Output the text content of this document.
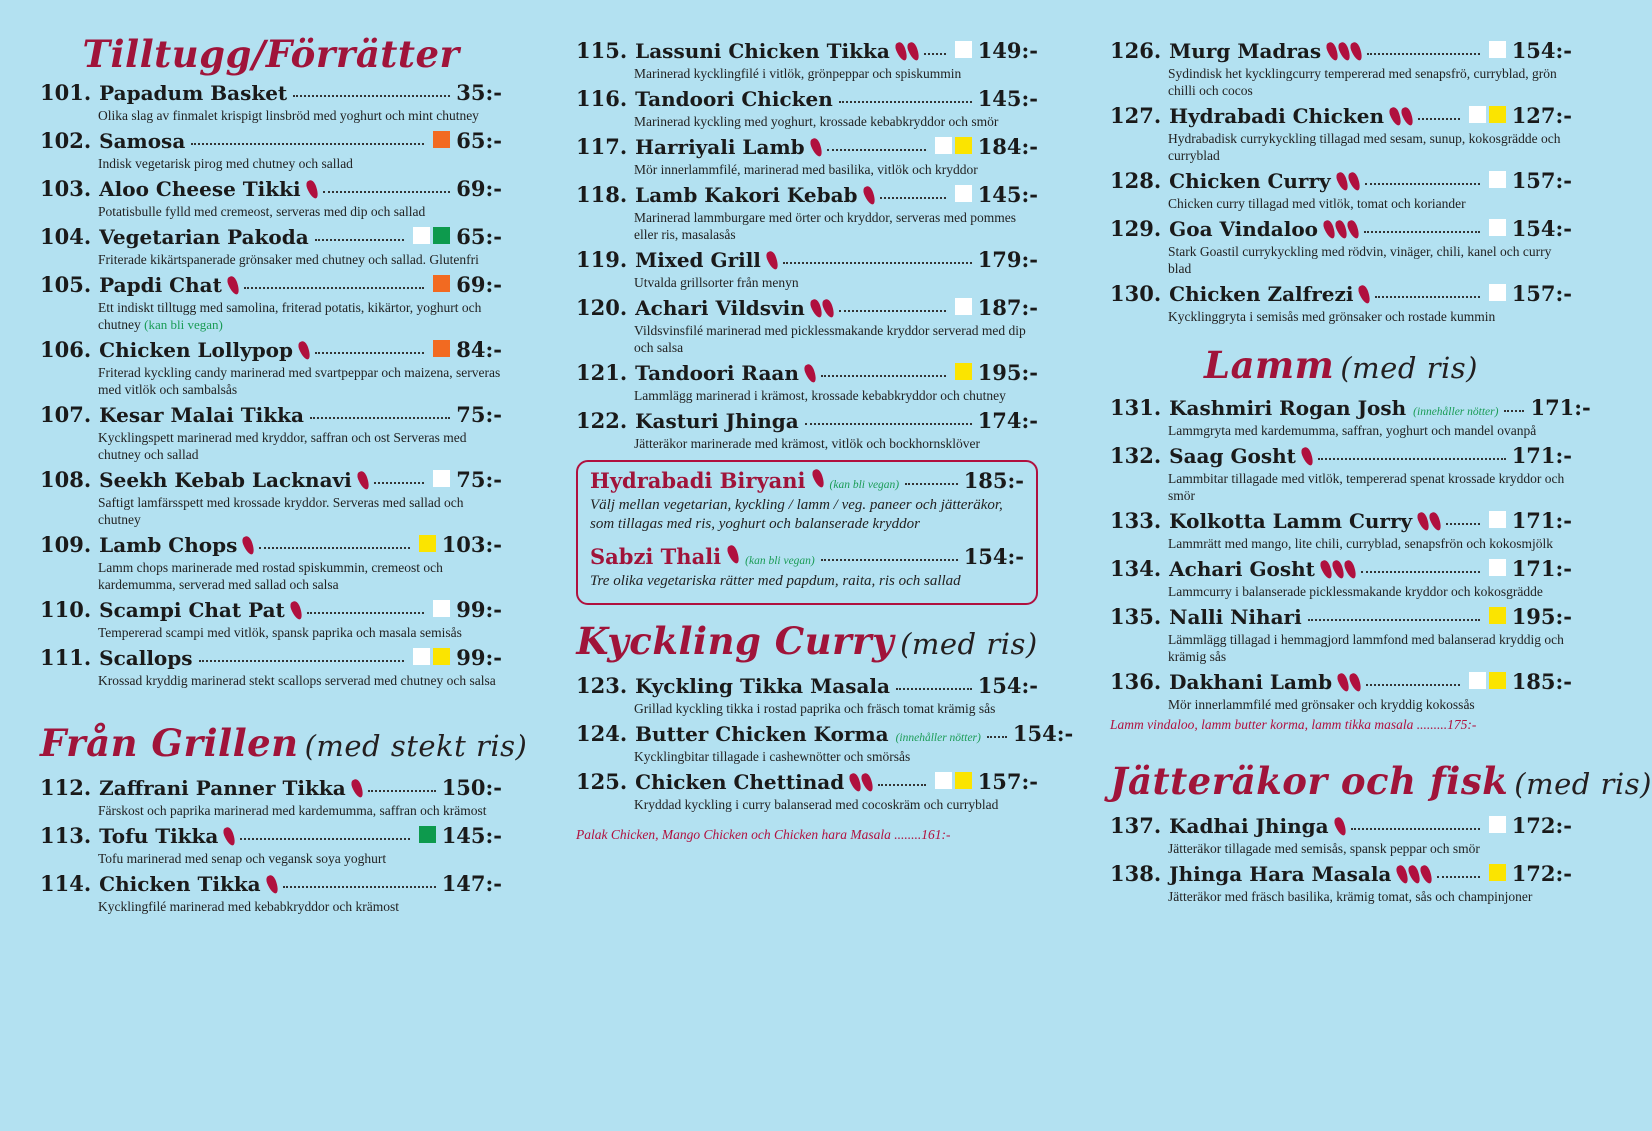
Tilltugg/Förrätter
101. Papadum Basket	35:-
Olika slag av finmalet krispigt linsbröd med yoghurt och mint chutney
102. Samosa	65:-
Indisk vegetarisk pirog med chutney och sallad
103. Aloo Cheese Tikki	69:-
Potatisbulle fylld med cremeost, serveras med dip och sallad
104. Vegetarian Pakoda	65:-
Friterade kikärtspanerade grönsaker med chutney och sallad. Glutenfri
105. Papdi Chat	69:-
Ett indiskt tilltugg med samolina, friterad potatis, kikärtor, yoghurt och chutney (kan bli vegan)
106. Chicken Lollypop	84:-
Friterad kyckling candy marinerad med svartpeppar och maizena, serveras med vitlök och sambalsås
107. Kesar Malai Tikka	75:-
Kycklingspett marinerad med kryddor, saffran och ost Serveras med chutney och sallad
108. Seekh Kebab Lacknavi	75:-
Saftigt lamfärsspett med krossade kryddor. Serveras med sallad och chutney
109. Lamb Chops	103:-
Lamm chops marinerade med rostad spiskummin, cremeost och kardemumma, serverad med sallad och salsa
110. Scampi Chat Pat	99:-
Tempererad scampi med vitlök, spansk paprika och masala semisås
111. Scallops	99:-
Krossad kryddig marinerad stekt scallops serverad med chutney och salsa
Från Grillen (med stekt ris)
112. Zaffrani Panner Tikka	150:-
Färskost och paprika marinerad med kardemumma, saffran och krämost
113. Tofu Tikka	145:-
Tofu marinerad med senap och vegansk soya yoghurt
114. Chicken Tikka	147:-
Kycklingfilé marinerad med kebabkryddor och krämost
115. Lassuni Chicken Tikka	149:-
Marinerad kycklingfilé i vitlök, grönpeppar och spiskummin
116. Tandoori Chicken	145:-
Marinerad kyckling med yoghurt, krossade kebabkryddor och smör
117. Harriyali Lamb	184:-
Mör innerlammfilé, marinerad med basilika, vitlök och kryddor
118. Lamb Kakori Kebab	145:-
Marinerad lammburgare med örter och kryddor, serveras med pommes eller ris, masalasås
119. Mixed Grill	179:-
Utvalda grillsorter från menyn
120. Achari Vildsvin	187:-
Vildsvinsfilé marinerad med picklessmakande kryddor serverad med dip och salsa
121. Tandoori Raan	195:-
Lammlägg marinerad i krämost, krossade kebabkryddor och chutney
122. Kasturi Jhinga	174:-
Jätteräkor marinerade med krämost, vitlök och bockhornsklöver
Hydrabadi Biryani (kan bli vegan)	185:-
Välj mellan vegetarian, kyckling / lamm / veg. paneer och jätteräkor, som tillagas med ris, yoghurt och balanserade kryddor
Sabzi Thali (kan bli vegan)	154:-
Tre olika vegetariska rätter med papdum, raita, ris och sallad
Kyckling Curry (med ris)
123. Kyckling Tikka Masala	154:-
Grillad kyckling tikka i rostad paprika och fräsch tomat krämig sås
124. Butter Chicken Korma (innehåller nötter) 154:-
Kycklingbitar tillagade i cashewnötter och smörsås
125. Chicken Chettinad	157:-
Kryddad kyckling i curry balanserad med cocoskräm och curryblad
Palak Chicken, Mango Chicken och Chicken hara Masala ........161:-
126. Murg Madras	154:-
Sydindisk het kycklingcurry tempererad med senapsfrö, curryblad, grön chilli och cocos
127. Hydrabadi Chicken	127:-
Hydrabadisk currykyckling tillagad med sesam, sunup, kokosgrädde och curryblad
128. Chicken Curry	157:-
Chicken curry tillagad med vitlök, tomat och koriander
129. Goa Vindaloo	154:-
Stark Goastil currykyckling med rödvin, vinäger, chili, kanel och curry blad
130. Chicken Zalfrezi	157:-
Kycklinggryta i semisås med grönsaker och rostade kummin
Lamm (med ris)
131. Kashmiri Rogan Josh (innehåller nötter) 171:-
Lammgryta med kardemumma, saffran, yoghurt och mandel ovanpå
132. Saag Gosht	171:-
Lammbitar tillagade med vitlök, tempererad spenat krossade kryddor och smör
133. Kolkotta Lamm Curry	171:-
Lammrätt med mango, lite chili, curryblad, senapsfrön och kokosmjölk
134. Achari Gosht	171:-
Lammcurry i balanserade picklessmakande kryddor och kokosgrädde
135. Nalli Nihari	195:-
Lämmlägg tillagad i hemmagjord lammfond med balanserad kryddig och krämig sås
136. Dakhani Lamb	185:-
Mör innerlammfilé med grönsaker och kryddig kokossås
Lamm vindaloo, lamm butter korma, lamm tikka masala .........175:-
Jätteräkor och fisk (med ris)
137. Kadhai Jhinga	172:-
Jätteräkor tillagade med semisås, spansk peppar och smör
138. Jhinga Hara Masala	172:-
Jätteräkor med fräsch basilika, krämig tomat, sås och champinjoner
